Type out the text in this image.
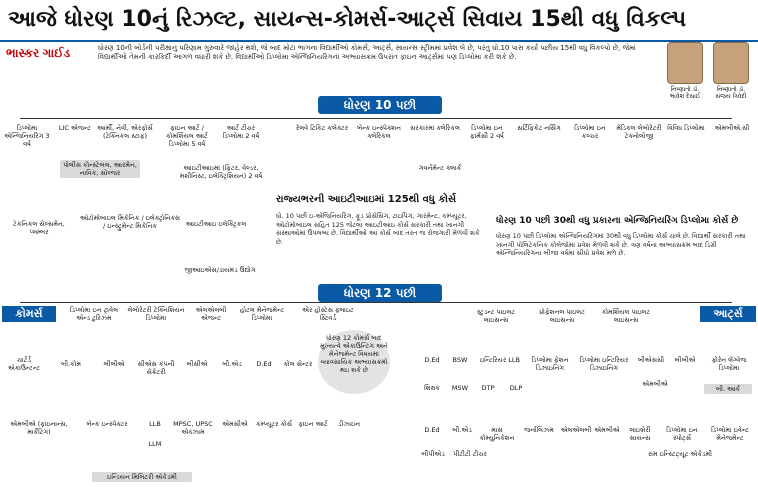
આજે ધોરણ 10નું રિઝલ્ટ, સાયન્સ-કોમર્સ-આર્ટ્સ સિવાય 15થી વધુ વિકલ્પ
ભાસ્કર ગાઈડ	ધોરણ 10ની બોર્ડની પરીક્ષાનું પરિણામ ગુરુવારે જાહેર થશે, જે બાદ મોટા ભાગના વિદ્યાર્થીઓ કોમર્સ, આર્ટ્સ, સાયન્સ સ્ટ્રીમમાં પ્રવેશ લે છે, પરંતુ ધો.10 પાસ કર્યા પછીય 15થી વધુ વિકલ્પો છે, જેમાં વિદ્યાર્થીઓ તેમની કારકિર્દી આગળ વધારી શકે છે. વિદ્યાર્થીઓ ડિપ્લોમા એન્જિનિયરિંગના અભ્યાસક્રમ ઉપરાંત ફાઇન આર્ટ્સમાં પણ ડિપ્લોમા કરી શકે છે.
નિષ્ણાતો ડૉ. ભાવેશ દેસાઈ
નિષ્ણાતો ડૉ. સંજય ત્રિવેદી
ધોરણ 10 પછી
ડિપ્લોમા એન્જિનિયરિંગ 3 વર્ષ
LIC એજન્ટ આર્મી, નેવી, એરફોર્સ (ટેક્નિકલ સ્ટાફ)
ફાઇન આર્ટ / કોમર્શિયલ આર્ટ ડિપ્લોમા 5 વર્ષ
આર્ટ ટીચર ડિપ્લોમા 2 વર્ષ
રેલવે ટિકિટ કલેક્ટર	બેન્ક ઇન્સ્પેક્શન ક્લેરિકલ
સરકારમાં ક્લેરિકલ	ડિપ્લોમા ઇન ફાર્મસી 2 વર્ષ
સર્ટિફિકેટ નર્સિંગ	ડિપ્લોમા ઇન કલ્ચર
મેડિકલ લેબોરેટરી ટેક્નોલોજી
વિવિધ ડિપ્લોમા	એમબીએ.સી
પોલીસ કોન્સ્ટેબલ, આરમેન, નાવિક, સોલ્જર
આઇટીઆઇમાં (ફિટર, વેલ્ડર, મશીનિસ્ટ, ઇલેક્ટ્રિશિયન) 2 વર્ષ
ગવર્નમેન્ટ ક્લાર્ક
ટેકનિકલ સેલ્સમેન, પ્લમ્બર
ઓટોમોબાઇલ મિકેનિક / ઇલેક્ટ્રોનિક્સ / ઇન્સ્ટ્રુમેન્ટ મિકેનિક	આઇટીઆઇ ઇલેક્ટ્રિકલ
જીઆઇએસ/ડાયમંડ ઉદ્યોગ
રાજ્યભરની આઇટીઆઇમાં 125થી વધુ કોર્સ
ધો. 10 પછી ઇ-એંજિનિયરિંગ, ફૂડ પ્રોસેસિંગ, ટાઇપિંગ, ગારમેન્ટ, કમ્પ્યૂટર, ઓટોમોબાઇલ સહિત 125 જેટલા આઇટીઆઇ કોર્સ સરકારી તથા ખાનગી સંસ્થાઓમાં ઉપલબ્ધ છે. વિદ્યાર્થીઓ આ કોર્સ બાદ તરત જ રોજગારી મેળવી શકે છે.
ધોરણ 10 પછી 30થી વધુ પ્રકારના એન્જિનિયરિંગ ડિપ્લોમા કોર્સ છે
ધોરણ 10 પછી ડિપ્લોમા એન્જિનિયરિંગમાં 30થી વધુ ડિપ્લોમા કોર્સ ચાલે છે. વિદ્યાર્થી સરકારી તથા ખાનગી પોલિટેકનિક કોલેજોમાં પ્રવેશ મેળવી શકે છે. ત્રણ વર્ષના અભ્યાસક્રમ બાદ ડિગ્રી એન્જિનિયરિંગના બીજા વર્ષમાં સીધો પ્રવેશ મળે છે.
ધોરણ 12 પછી
કોમર્સ	આર્ટ્સ
ડિપ્લોમા ઇન ટ્રાવેલ એન્ડ ટુરિઝમ
લેબોરેટરી ટેક્નિશિયન ડિપ્લોમા
એલએલબી એજન્ટ
હોટલ મેનેજમેન્ટ ડિપ્લોમા
એર હોસ્ટેસ ફ્લાઇટ સ્ટિવર્ડ
ધોરણ 12 કોમર્સ બાદ મુખ્યત્વે એકાઉન્ટિંગ અને મેનેજમેન્ટ વિષયમાં વ્યાવસાયિક અભ્યાસક્રમો થઇ શકે છે
ચાર્ટર્ડ એકાઉન્ટન્ટ	બી.કોમ	બીબીએ	સીએસ કંપની સેક્રેટરી
બીસીએ	બી.એડ	D.Ed	કોલ સેન્ટર
એમબીએ (ફાઇનાન્સ, માર્કેટિંગ)
બેન્ક ઇન્સ્પેક્ટર	LLB	MPSC, UPSC એક્ઝામ
એમસીએ	કમ્પ્યૂટર કોર્સ
LLM
ઇન્ડિયન મિલિટરી એકેડમી
ફાઇન આર્ટ	ડીઝાઇન
સ્ટુડન્ટ પાઇલટ લાઇસન્સ
પ્રોફેશનલ પાઇલટ લાઇસન્સ
કોમર્શિયલ પાઇલટ લાઇસન્સ
D.Ed	BSW	ઇન્ટિરિયર LLB	ડિપ્લોમા ફેશન ડિઝાઇનિંગ
ડિપ્લોમા ઇન્ટિરિયર ડિઝાઇનિંગ
બીએસસી	બીબીએ	ફોરેન લેંગ્વેજ ડિપ્લોમા
શિક્ષક	MSW	DTP	DLP	બી. આર્ક
એમબીએ
D.Ed	બી.એડ	માસ કોમ્યુનિકેશન
જર્નાલિઝમ	એલએલબી એમબીએ	લાઇબ્રેરી સાયન્સ
ડિપ્લોમા ઇન સ્પોર્ટ્સ
ડિપ્લોમા ઇવેન્ટ મેનેજમેન્ટ
બીપીએડ	પીટીટી ટીચર	રામ ઇન્સ્ટિટ્યૂટ એકેડમી
